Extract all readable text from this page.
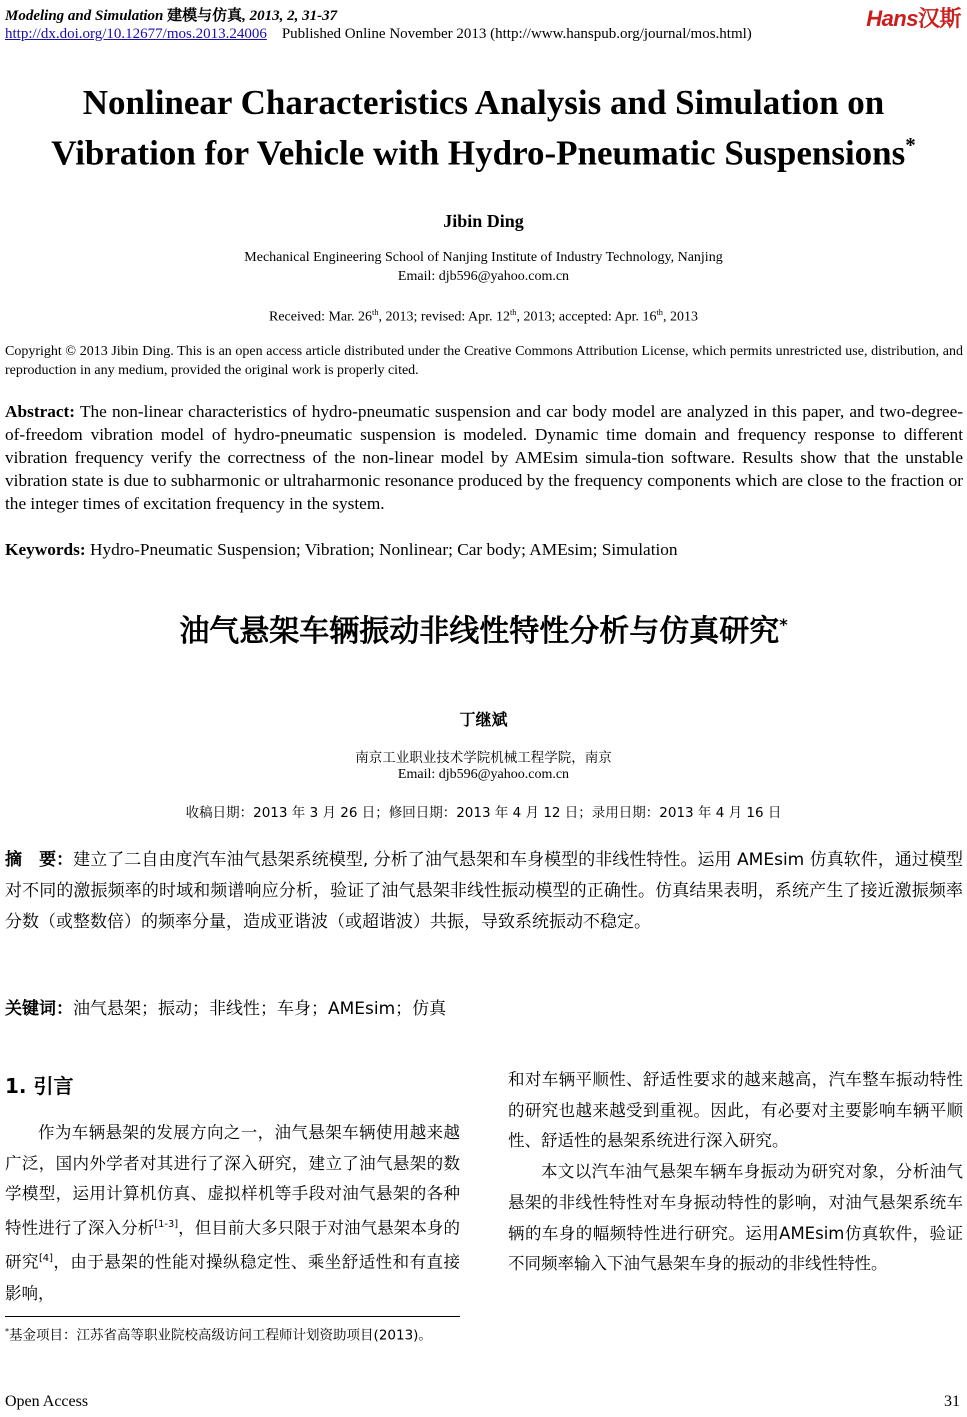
Modeling and Simulation 建模与仿真, 2013, 2, 31-37
http://dx.doi.org/10.12677/mos.2013.24006 Published Online November 2013 (http://www.hanspub.org/journal/mos.html)
Hans汉斯
Nonlinear Characteristics Analysis and Simulation on
Vibration for Vehicle with Hydro-Pneumatic Suspensions*
Jibin Ding
Mechanical Engineering School of Nanjing Institute of Industry Technology, Nanjing
Email: djb596@yahoo.com.cn
Received: Mar. 26th, 2013; revised: Apr. 12th, 2013; accepted: Apr. 16th, 2013
Copyright © 2013 Jibin Ding. This is an open access article distributed under the Creative Commons Attribution License, which permits unrestricted use, distribution, and reproduction in any medium, provided the original work is properly cited.
Abstract: The non-linear characteristics of hydro-pneumatic suspension and car body model are analyzed in this paper, and two-degree-of-freedom vibration model of hydro-pneumatic suspension is modeled. Dynamic time domain and frequency response to different vibration frequency verify the correctness of the non-linear model by AMEsim simula-tion software. Results show that the unstable vibration state is due to subharmonic or ultraharmonic resonance produced by the frequency components which are close to the fraction or the integer times of excitation frequency in the system.
Keywords: Hydro-Pneumatic Suspension; Vibration; Nonlinear; Car body; AMEsim; Simulation
油气悬架车辆振动非线性特性分析与仿真研究*
丁继斌
南京工业职业技术学院机械工程学院，南京
Email: djb596@yahoo.com.cn
收稿日期：2013 年 3 月 26 日；修回日期：2013 年 4 月 12 日；录用日期：2013 年 4 月 16 日
摘　要：建立了二自由度汽车油气悬架系统模型, 分析了油气悬架和车身模型的非线性特性。运用 AMEsim 仿真软件，通过模型对不同的激振频率的时域和频谱响应分析，验证了油气悬架非线性振动模型的正确性。仿真结果表明，系统产生了接近激振频率分数（或整数倍）的频率分量，造成亚谐波（或超谐波）共振，导致系统振动不稳定。
关键词：油气悬架；振动；非线性；车身；AMEsim；仿真
1. 引言
作为车辆悬架的发展方向之一，油气悬架车辆使用越来越广泛，国内外学者对其进行了深入研究，建立了油气悬架的数学模型，运用计算机仿真、虚拟样机等手段对油气悬架的各种特性进行了深入分析[1-3]，但目前大多只限于对油气悬架本身的研究[4]，由于悬架的性能对操纵稳定性、乘坐舒适性和有直接影响，
和对车辆平顺性、舒适性要求的越来越高，汽车整车振动特性的研究也越来越受到重视。因此，有必要对主要影响车辆平顺性、舒适性的悬架系统进行深入研究。
本文以汽车油气悬架车辆车身振动为研究对象，分析油气悬架的非线性特性对车身振动特性的影响，对油气悬架系统车辆的车身的幅频特性进行研究。运用AMEsim仿真软件，验证不同频率输入下油气悬架车身的振动的非线性特性。
*基金项目：江苏省高等职业院校高级访问工程师计划资助项目(2013)。
Open Access	31
